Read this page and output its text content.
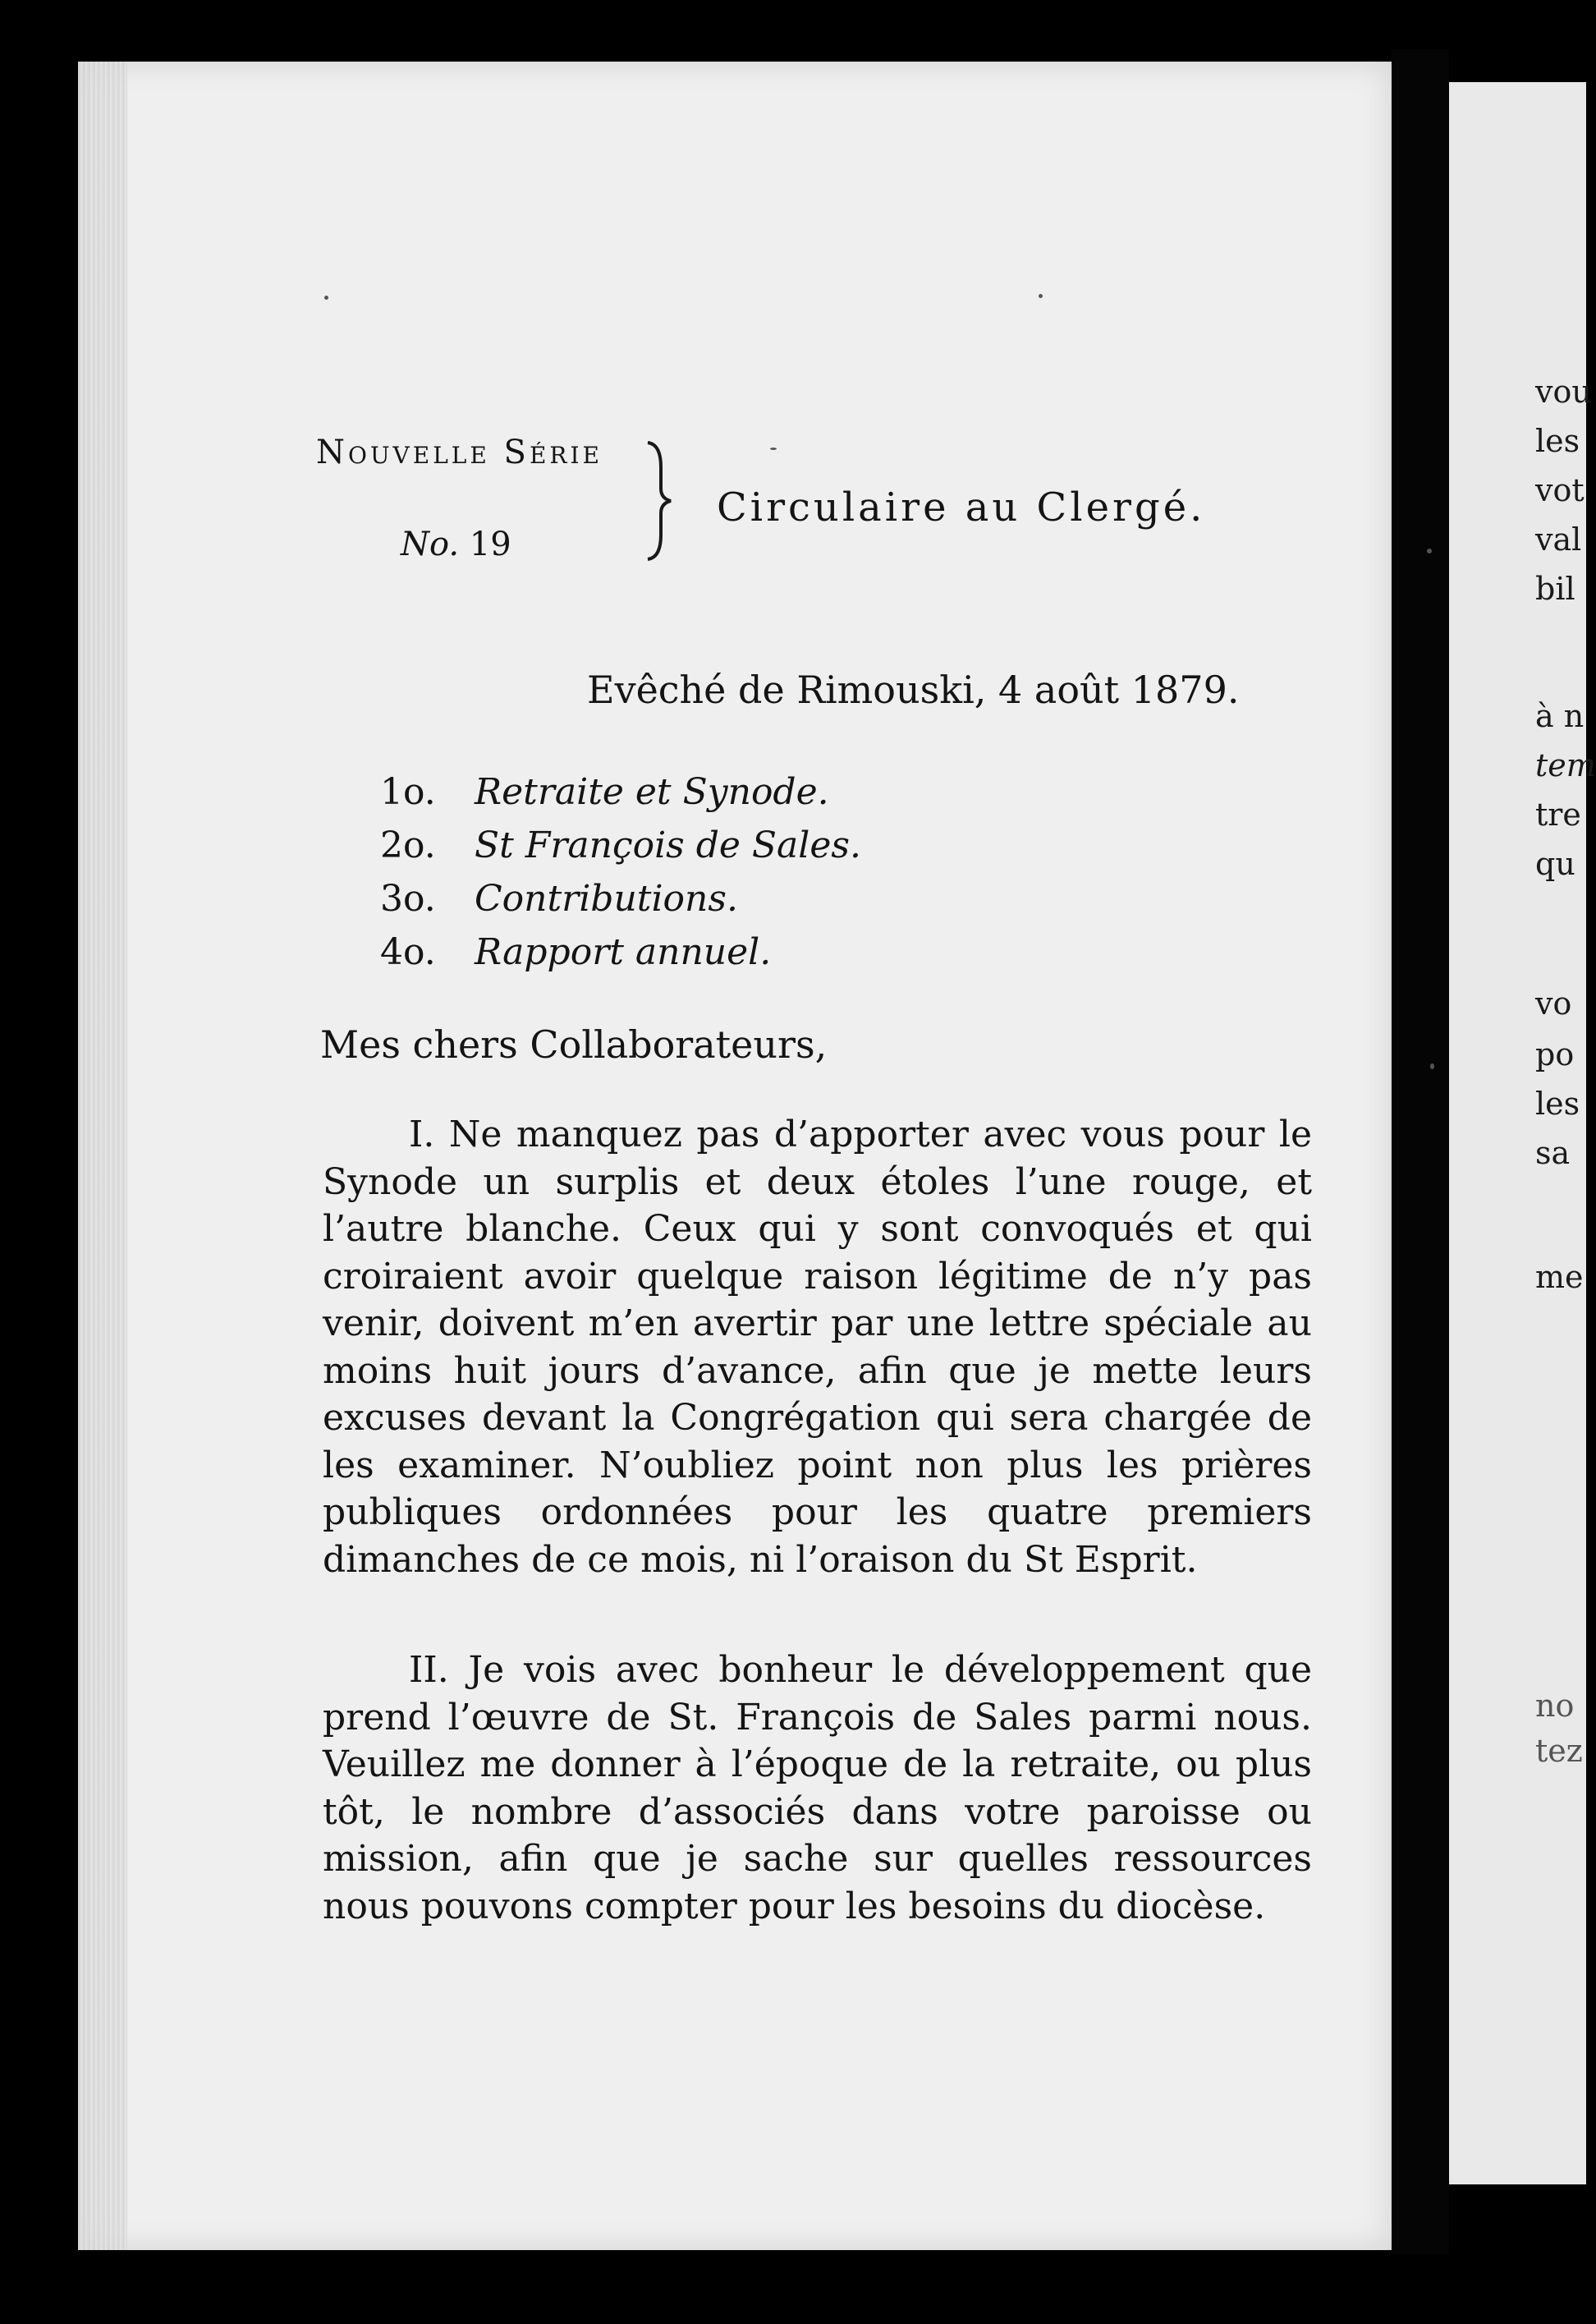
Nouvelle Série
No. 19
Circulaire au Clergé.
Evêché de Rimouski, 4 août 1879.
1o.	Retraite et Synode.
2o.	St François de Sales.
3o.	Contributions.
4o.	Rapport annuel.
Mes chers Collaborateurs,

I. Ne manquez pas d’apporter avec vous pour le Synode un surplis et deux étoles l’une rouge, et l’autre blanche. Ceux qui y sont convoqués et qui croiraient avoir quelque raison légitime de n’y pas venir, doivent m’en avertir par une lettre spéciale au moins huit jours d’avance, afin que je mette leurs excuses devant la Congrégation qui sera chargée de les examiner. N’oubliez point non plus les prières publiques ordonnées pour les quatre premiers dimanches de ce mois, ni l’oraison du St Esprit.

II. Je vois avec bonheur le développement que prend l’œuvre de St. François de Sales parmi nous. Veuillez me donner à l’époque de la retraite, ou plus tôt, le nombre d’associés dans votre paroisse ou mission, afin que je sache sur quelles ressources nous pouvons compter pour les besoins du diocèse.

vou
les
vot
val
bil
à n
tem
tre
qu
vo
po
les
sa
me
no
tez
